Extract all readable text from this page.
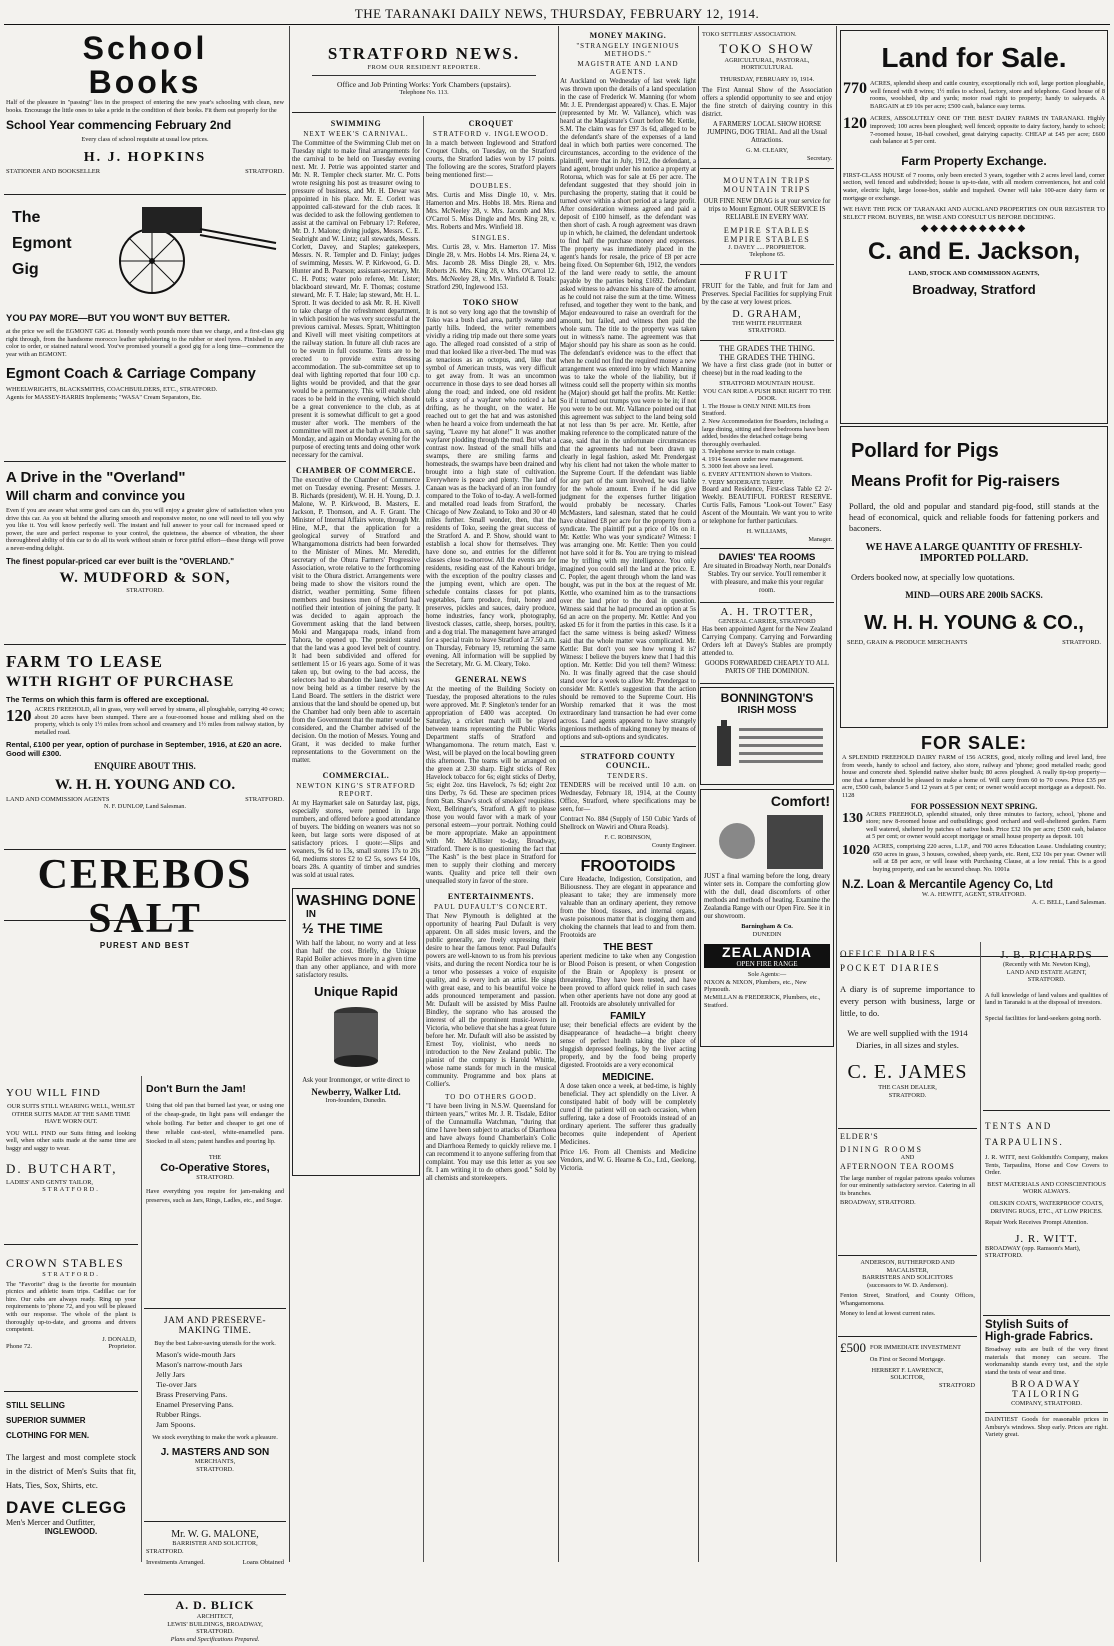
THE TARANAKI DAILY NEWS, THURSDAY, FEBRUARY 12, 1914.
School Books

Half of the pleasure in "passing" lies in the prospect of entering the new year's schooling with clean, new books. Encourage the little ones to take a pride in the condition of their books. Fit them out properly for the

School Year commencing February 2nd

Every class of school requisite at usual low prices.

H. J. HOPKINS
STATIONER AND BOOKSELLER	STRATFORD.
The
Egmont
Gig
YOU PAY MORE—BUT YOU WON'T BUY BETTER.

at the price we sell the EGMONT GIG at. Honestly worth pounds more than we charge, and a first-class gig right through, from the handsome morocco leather upholstering to the rubber or steel tyres. Finished in any color to order, or stained natural wood. You've promised yourself a good gig for a long time—commence the year with an EGMONT.

Egmont Coach & Carriage Company
WHEELWRIGHTS, BLACKSMITHS, COACHBUILDERS, ETC., STRATFORD.
Agents for MASSEY-HARRIS Implements; "WASA" Cream Separators, Etc.
A Drive in the "Overland"
Will charm and convince you

Even if you are aware what some good cars can do, you will enjoy a greater glow of satisfaction when you drive this car. As you sit behind the alluring smooth and responsive motor, no one will need to tell you why you like it. You will know perfectly well. The instant and full answer to your call for increased speed or power, the sure and perfect response to your control, the quietness, the absence of vibration, the sheer thoroughbred ability of this car to do all its work without strain or force pitiful effort—these things will prove a never-ending delight.

The finest popular-priced car ever built is the "OVERLAND."
W. MUDFORD & SON,
STRATFORD.
FARM TO LEASE
WITH RIGHT OF PURCHASE
The Terms on which this farm is offered are exceptional.
120 ACRES FREEHOLD, all in grass, very well served by streams, all ploughable, carrying 40 cows; about 20 acres have been stumped. There are a four-roomed house and milking shed on the property, which is only 1½ miles from school and creamery and 1½ miles from railway station, by metalled road.

Rental, £100 per year, option of purchase in September, 1916, at £20 an acre. Good will £300.
ENQUIRE ABOUT THIS.
W. H. H. YOUNG AND CO.
LAND AND COMMISSION AGENTS	STRATFORD.
N. F. DUNLOP, Land Salesman.
CEREBOS SALT
PUREST AND BEST
YOU WILL FIND

OUR SUITS STILL WEARING WELL, WHILST OTHER SUITS MADE AT THE SAME TIME HAVE WORN OUT.

YOU WILL FIND our Suits fitting and looking well, when other suits made at the same time are baggy and saggy to wear.

D. BUTCHART,
LADIES' AND GENTS' TAILOR,
STRATFORD.
CROWN STABLES
STRATFORD.

The "Favorite" drag is the favorite for mountain picnics and athletic team trips. Cadillac car for hire. Our cabs are always ready. Ring up your requirements to 'phone 72, and you will be pleased with our response. The whole of the plant is thoroughly up-to-date, and grooms and drivers competent.

J. DONALD,
Phone 72.	Proprietor.
STILL SELLING
SUPERIOR SUMMER
CLOTHING FOR MEN.

The largest and most complete stock in the district of Men's Suits that fit, Hats, Ties, Sox, Shirts, etc.

DAVE CLEGG
Men's Mercer and Outfitter,
INGLEWOOD.
Don't Burn the Jam!

Using that old pan that burned last year, or using one of the cheap-grade, tin light pans will endanger the whole boiling. Far better and cheaper to get one of these reliable cast-steel, white-enamelled pans. Stocked in all sizes; patent handles and pouring lip.

THE
Co-Operative Stores,
STRATFORD.

Have everything you require for jam-making and preserves, such as Jars, Rings, Ladles, etc., and Sugar.

JAM AND PRESERVE-MAKING TIME.

Buy the best Labor-saving utensils for the work.

Mason's wide-mouth Jars
Mason's narrow-mouth Jars
Jelly Jars
Tie-over Jars
Brass Preserving Pans.
Enamel Preserving Pans.
Rubber Rings.
Jam Spoons.

We stock everything to make the work a pleasure.

J. MASTERS AND SON
MERCHANTS,
STRATFORD.
Mr. W. G. MALONE,
BARRISTER AND SOLICITOR,
STRATFORD.
Investments Arranged.	Loans Obtained
A. D. BLICK
ARCHITECT,
LEWIS' BUILDINGS, BROADWAY,
STRATFORD.
Plans and Specifications Prepared.
STRATFORD NEWS.
FROM OUR RESIDENT REPORTER.
Office and Job Printing Works: York Chambers (upstairs).
Telephone No. 113.
SWIMMING
NEXT WEEK'S CARNIVAL.

The Committee of the Swimming Club met on Tuesday night to make final arrangements for the carnival to be held on Tuesday evening next. Mr. J. Petrie was appointed starter and Mr. N. R. Templer check starter. Mr. C. Potts wrote resigning his post as treasurer owing to pressure of business, and Mr. H. Dewar was appointed in his place. Mr. E. Corlett was appointed call-steward for the club races. It was decided to ask the following gentlemen to assist at the carnival on February 17: Referee, Mr. D. J. Malone; diving judges, Messrs. C. E. Seabright and W. Lintz; call stewards, Messrs. Corlett, Davey, and Staples; gatekeepers, Messrs. N. R. Templer and D. Finlay; judges of swimming, Messrs. W. P. Kirkwood, G. D. Hunter and B. Pearson; assistant-secretary, Mr. C. H. Potts; water polo referee, Mr. Lister; blackboard steward, Mr. F. Thomas; costume steward, Mr. F. T. Hale; lap steward, Mr. H. L. Sprott. It was decided to ask Mr. R. H. Kivell to take charge of the refreshment department, in which position he was very successful at the previous carnival. Messrs. Spratt, Whittington and Kivell will meet visiting competitors at the railway station. In future all club races are to be swum in full costume. Tents are to be erected to provide extra dressing accommodation. The sub-committee set up to deal with lighting reported that four 100 c.p. lights would be provided, and that the gear would be a permanency. This will enable club races to be held in the evening, which should be a great convenience to the club, as at present it is somewhat difficult to get a good muster after work. The members of the committee will meet at the bath at 6.30 a.m. on Monday, and again on Monday evening for the purpose of erecting tents and doing other work necessary for the carnival.

CHAMBER OF COMMERCE.

The executive of the Chamber of Commerce met on Tuesday evening. Present: Messrs. J. B. Richards (president), W. H. H. Young, D. J. Malone, W. P. Kirkwood, B. Masters, E. Jackson, P. Thomson, and A. F. Grant. The Minister of Internal Affairs wrote, through Mr. Hine, M.P., that the application for a geological survey of Stratford and Whangamomona districts had been forwarded to the Minister of Mines. Mr. Meredith, secretary of the Ohura Farmers' Progressive Association, wrote relative to the forthcoming visit to the Ohura district. Arrangements were being made to show the visitors round the district, weather permitting. Some fifteen members and business men of Stratford had notified their intention of joining the party. It was decided to again approach the Government asking that the land between Moki and Mangapapa roads, inland from Tahora, be opened up. The president stated that the land was a good level belt of country. It had been subdivided and offered for settlement 15 or 16 years ago. Some of it was taken up, but owing to the bad access, the selectors had to abandon the land, which was now being held as a timber reserve by the Land Board. The settlers in the district were anxious that the land should be opened up, but the Chamber had only been able to ascertain from the Government that the matter would be considered, and the Chamber advised of the decision. On the motion of Messrs. Young and Grant, it was decided to make further representations to the Government on the matter.

COMMERCIAL.
NEWTON KING'S STRATFORD REPORT.

At my Haymarket sale on Saturday last, pigs, especially stores, were penned in large numbers, and offered before a good attendance of buyers. The bidding on weaners was not so keen, but large sorts were disposed of at satisfactory prices. I quote:—Slips and weaners, 9s 6d to 13s, small stores 17s to 20s 6d, mediums stores £2 to £2 5s, sows £4 10s, boars 28s. A quantity of timber and sundries was sold at usual rates.

WASHING DONE
IN
½ THE TIME

With half the labour, no worry and at less than half the cost. Briefly, the Unique Rapid Boiler achieves more in a given time than any other appliance, and with more satisfactory results.

Unique Rapid

Ask your Ironmonger, or write direct to

Newberry, Walker Ltd.
Iron-founders, Dunedin.
CROQUET
STRATFORD v. INGLEWOOD.

In a match between Inglewood and Stratford Croquet Clubs, on Tuesday, on the Stratford courts, the Stratford ladies won by 17 points. The following are the scores, Stratford players being mentioned first:—

DOUBLES.

Mrs. Curtis and Miss Dingle 10, v. Mrs. Hamerton and Mrs. Hobbs 18. Mrs. Riena and Mrs. McNeeley 28, v. Mrs. Jacomb and Mrs. O'Carrol 5. Miss Dingle and Mrs. King 28, v. Mrs. Roberts and Mrs. Winfield 18.

SINGLES.

Mrs. Curtis 28, v. Mrs. Hamerton 17. Miss Dingle 28, v. Mrs. Hobbs 14. Mrs. Riena 24, v. Mrs. Jacomb 28. Miss Dingle 28, v. Mrs. Roberts 26. Mrs. King 28, v. Mrs. O'Carrol 12. Mrs. McNeeley 28, v. Mrs. Winfield 8. Totals: Stratford 290, Inglewood 153.

TOKO SHOW

It is not so very long ago that the township of Toko was a bush clad area, partly swamp and partly hills. Indeed, the writer remembers vividly a riding trip made out there some years ago. The alleged road consisted of a strip of mud that looked like a river-bed. The mud was as tenacious as an octopus, and, like that symbol of American trusts, was very difficult to get away from. It was an uncommon occurrence in those days to see dead horses all along the road; and indeed, one old resident tells a story of a wayfarer who noticed a hat drifting, as he thought, on the water. He reached out to get the hat and was astonished when he heard a voice from underneath the hat saying, "Leave my hat alone!" It was another wayfarer plodding through the mud. But what a contrast now. Instead of the small hills and swamps, there are smiling farms and homesteads, the swamps have been drained and brought into a high state of cultivation. Everywhere is peace and plenty. The land of Canaan was as the backyard of an iron foundry compared to the Toko of to-day. A well-formed and metalled road leads from Stratford, the Chicago of New Zealand, to Toko and 30 or 40 miles further. Small wonder, then, that the residents of Toko, seeing the great success of the Stratford A. and P. Show, should want to establish a local show for themselves. They have done so, and entries for the different classes close to-morrow. All the events are for residents, residing east of the Kahouri bridge, with the exception of the poultry classes and the jumping event, which are open. The schedule contains classes for pot plants, vegetables, farm produce, fruit, honey and preserves, pickles and sauces, dairy produce, home industries, fancy work, photography, livestock classes, cattle, sheep, horses, poultry, and a dog trial. The management have arranged for a special train to leave Stratford at 7.50 a.m. on Thursday, February 19, returning the same evening. All information will be supplied by the Secretary, Mr. G. M. Cleary, Toko.

GENERAL NEWS

At the meeting of the Building Society on Tuesday, the proposed alterations to the rules were approved. Mr. P. Singleton's tender for an appropriation of £400 was accepted. On Saturday, a cricket match will be played between teams representing the Public Works Department staffs of Stratford and Whangamomona. The return match, East v. West, will be played on the local bowling green this afternoon. The teams will be arranged on the green at 2.30 sharp. Eight sticks of Rex Havelock tobacco for 6s; eight sticks of Derby, 5s; eight 2oz. tins Havelock, 7s 6d; eight 2oz tins Derby, 7s 6d. These are specimen prices from Stan. Shaw's stock of smokers' requisites. Next, Bellringer's, Stratford. A gift to please those you would favor with a mark of your personal esteem—your portrait. Nothing could be more appropriate. Make an appointment with Mr. McAllister to-day, Broadway, Stratford. There is no questioning the fact that "The Kash" is the best place in Stratford for men to supply their clothing and mercery wants. Quality and price tell their own unequalled story in favor of the store.

ENTERTAINMENTS.
PAUL DUFAULT'S CONCERT.

That New Plymouth is delighted at the opportunity of hearing Paul Dufault is very apparent. On all sides music lovers, and the public generally, are freely expressing their desire to hear the famous tenor. Paul Dufault's powers are well-known to us from his previous visits, and during the recent Nordica tour he is a tenor who possesses a voice of exquisite quality, and is every inch an artist. He sings with great ease, and to his beautiful voice he adds pronounced temperament and passion. Mr. Dufault will be assisted by Miss Paulne Bindley, the soprano who has aroused the interest of all the prominent music-lovers in Victoria, who believe that she has a great future before her. Mr. Dufault will also be assisted by Ernest Toy, violinist, who needs no introduction to the New Zealand public. The pianist of the company is Harold Whittle, whose name stands for much in the musical community. Programme and box plans at Collier's.

TO DO OTHERS GOOD.

"I have been living in N.S.W. Queensland for thirteen years," writes Mr. J. R. Tisdale, Editor of the Cunnamulla Watchman, "during that time I have been subject to attacks of Diarrhoea and have always found Chamberlain's Colic and Diarrhoea Remedy to quickly relieve me. I can recommend it to anyone suffering from that complaint. You may use this letter as you see fit. I am writing it to do others good." Sold by all chemists and storekeepers.

MONEY MAKING.
"STRANGELY INGENIOUS METHODS."
MAGISTRATE AND LAND AGENTS.

At Auckland on Wednesday of last week light was thrown upon the details of a land speculation in the case of Frederick W. Manning (for whom Mr. J. E. Prendergast appeared) v. Chas. E. Major (represented by Mr. W. Vallance), which was heard at the Magistrate's Court before Mr. Kettle, S.M. The claim was for £97 3s 6d, alleged to be the defendant's share of the expenses of a land deal in which both parties were concerned. The circumstances, according to the evidence of the plaintiff, were that in July, 1912, the defendant, a land agent, brought under his notice a property at Rotorua, which was for sale at £6 per acre. The defendant suggested that they should join in purchasing the property, stating that it could be turned over within a short period at a large profit. After consideration witness agreed and paid a deposit of £100 himself, as the defendant was then short of cash. A rough agreement was drawn up in which, he claimed, the defendant undertook to find half the purchase money and expenses. The property was immediately placed in the agent's hands for resale, the price of £8 per acre being fixed. On September 6th, 1912, the vendors of the land were ready to settle, the amount payable by the parties being £1692. Defendant asked witness to advance his share of the amount, as he could not raise the sum at the time. Witness refused, and together they went to the bank, and Major endeavoured to raise an overdraft for the amount, but failed, and witness then paid the whole sum. The title to the property was taken out in witness's name. The agreement was that Major should pay his share as soon as he could. The defendant's evidence was to the effect that when he could not find the required money a new arrangement was entered into by which Manning was to take the whole of the liability, but if witness could sell the property within six months he (Major) should get half the profits. Mr. Kettle: So if it turned out trumps you were to be in; if not you were to be out. Mr. Vallance pointed out that this agreement was subject to the land being sold at not less than 9s per acre. Mr. Kettle, after making reference to the complicated nature of the case, said that in the unfortunate circumstances that the agreements had not been drawn up clearly in legal fashion, asked Mr. Prendergast why his client had not taken the whole matter to the Supreme Court. If the defendant was liable for any part of the sum involved, he was liable for the whole amount. Even if he did give judgment for the expenses further litigation would probably be necessary. Charles McMasters, land salesman, stated that he could have obtained £8 per acre for the property from a syndicate. The plaintiff put a price of 10s on it. Mr. Kettle: Who was your syndicate? Witness: I was arranging one. Mr. Kettle: Then you could not have sold it for 8s. You are trying to mislead me by trifling with my intelligence. You only imagined you could sell the land at the price. E. C. Popler, the agent through whom the land was bought, was put in the box at the request of Mr. Kettle, who examined him as to the transactions over the land prior to the deal in question. Witness said that he had procured an option at 5s 6d an acre on the property. Mr. Kettle: And you asked £6 for it from the parties in this case. Is it a fact the same witness is being asked? Witness said that the whole matter was complicated. Mr. Kettle: But don't you see how wrong it is? Witness: I believe the buyers knew that I had this option. Mr. Kettle: Did you tell them? Witness: No. It was finally agreed that the case should stand over for a week to allow Mr. Prendergast to consider Mr. Kettle's suggestion that the action should be removed to the Supreme Court. His Worship remarked that it was the most extraordinary land transaction he had ever come across. Land agents appeared to have strangely ingenious methods of making money by means of options and sub-options and syndicates.

STRATFORD COUNTY COUNCIL.
TENDERS.

TENDERS will be received until 10 a.m. on Wednesday, February 18, 1914, at the County Office, Stratford, where specifications may be seen, for—

Contract No. 884 (Supply of 150 Cubic Yards of Shellrock on Wawiri and Ohura Roads).

F. C. ROBINSON,
County Engineer.
FROOTOIDS

Cure Headache, Indigestion, Constipation, and Biliousness. They are elegant in appearance and pleasant to take; they are immensely more valuable than an ordinary aperient, they remove from the blood, tissues, and internal organs, waste poisonous matter that is clogging them and choking the channels that lead to and from them. Frootoids are

THE BEST

aperient medicine to take when any Congestion or Blood Poison is present, or when Congestion of the Brain or Apoplexy is present or threatening. They have been tested, and have been proved to afford quick relief in such cases when other aperients have not done any good at all. Frootoids are absolutely unrivalled for

FAMILY

use; their beneficial effects are evident by the disappearance of headache—a bright cheery sense of perfect health taking the place of sluggish depressed feelings, by the liver acting properly, and by the food being properly digested. Frootoids are a very economical

MEDICINE.

A dose taken once a week, at bed-time, is highly beneficial. They act splendidly on the Liver. A constipated habit of body will be completely cured if the patient will on each occasion, when suffering, take a dose of Frootoids instead of an ordinary aperient. The sufferer thus gradually becomes quite independent of Aperient Medicines.

Price 1/6. From all Chemists and Medicine Vendors, and W. G. Hearne & Co., Ltd., Geelong, Victoria.

TOKO SETTLERS' ASSOCIATION.
TOKO SHOW
AGRICULTURAL, PASTORAL, HORTICULTURAL
THURSDAY, FEBRUARY 19, 1914.

The First Annual Show of the Association offers a splendid opportunity to see and enjoy the fine stretch of dairying country in this district.

A FARMERS' LOCAL SHOW HORSE JUMPING, DOG TRIAL. And all the Usual Attractions.

G. M. CLEARY,
Secretary.
MOUNTAIN TRIPS
MOUNTAIN TRIPS

OUR FINE NEW DRAG is at your service for trips to Mount Egmont. OUR SERVICE IS RELIABLE IN EVERY WAY.

EMPIRE STABLES
EMPIRE STABLES
J. DAVEY ..... PROPRIETOR.
Telephone 65.
FRUIT

FRUIT for the Table, and fruit for Jam and Preserves. Special Facilities for supplying Fruit by the case at very lowest prices.

D. GRAHAM,
THE WHITE FRUITERER
STRATFORD.
THE GRADES THE THING.
THE GRADES THE THING.

We have a first class grade (not in butter or cheese) but in the road leading to the

STRATFORD MOUNTAIN HOUSE.
YOU CAN RIDE A PUSH BIKE RIGHT TO THE DOOR.
1. The House is ONLY NINE MILES from Stratford.
2. New Accommodation for Boarders, including a large dining, sitting and three bedrooms have been added, besides the detached cottage being thoroughly overhauled.
3. Telephone service to main cottage.
4. 1914 Season under new management.
5. 3000 feet above sea level.
6. EVERY ATTENTION shown to Visitors.
7. VERY MODERATE TARIFF.

Board and Residence, First-class Table £2 2/- Weekly. BEAUTIFUL FOREST RESERVE. Curtis Falls, Famous "Look-out Tower." Easy Ascent of the Mountain. We want you to write or telephone for further particulars.

H. WILLIAMS,
Manager.
DAVIES' TEA ROOMS

Are situated in Broadway North, near Donald's Stables. Try our service. You'll remember it with pleasure, and make this your regular room.

A. H. TROTTER,
GENERAL CARRIER, STRATFORD

Has been appointed Agent for the New Zealand Carrying Company. Carrying and Forwarding Orders left at Davey's Stables are promptly attended to.

GOODS FORWARDED CHEAPLY TO ALL PARTS OF THE DOMINION.

BONNINGTON'S
IRISH MOSS
Comfort!

JUST a final warning before the long, dreary winter sets in. Compare the comforting glow with the dull, dead discomforts of other methods and methods of heating. Examine the Zealandia Range with our Open Fire. See it in our showroom.

Barningham & Co.
DUNEDIN
ZEALANDIA
OPEN FIRE RANGE
Sole Agents:—
NIXON & NIXON, Plumbers, etc., New Plymouth.
McMILLAN & FREDERICK, Plumbers, etc., Stratford.
Land for Sale.
770 ACRES, splendid sheep and cattle country, exceptionally rich soil, large portion ploughable, well fenced with 8 wires; 1½ miles to school, factory, store and telephone. Good house of 8 rooms, woolshed, dip and yards; motor road right to property; handy to saleyards. A BARGAIN at £9 10s per acre; £500 cash, balance easy terms.

120 ACRES, ABSOLUTELY ONE OF THE BEST DAIRY FARMS IN TARANAKI. Highly improved; 100 acres been ploughed; well fenced; opposite to dairy factory, handy to school; 7-roomed house, 18-bail cowshed, great dairying capacity. CHEAP at £45 per acre; £600 cash balance at 5 per cent.

Farm Property Exchange.

FIRST-CLASS HOUSE of 7 rooms, only been erected 3 years, together with 2 acres level land, corner section, well fenced and subdivided; house is up-to-date, with all modern conveniences, hot and cold water, electric light, large loose-box, stable and trapshed. Owner will take 100-acre dairy farm or mortgage or exchange.

WE HAVE THE PICK OF TARANAKI AND AUCKLAND PROPERTIES ON OUR REGISTER TO SELECT FROM. BUYERS, BE WISE AND CONSULT US BEFORE DECIDING.

◆◆◆◆◆◆◆◆◆◆◆
C. and E. Jackson,
LAND, STOCK AND COMMISSION AGENTS,
Broadway, Stratford
Pollard for Pigs
Means Profit for Pig-raisers

Pollard, the old and popular and standard pig-food, still stands at the head of economical, quick and reliable foods for fattening porkers and baconers.

WE HAVE A LARGE QUANTITY OF FRESHLY-IMPORTED POLLARD.
Orders booked now, at specially low quotations.
MIND—OURS ARE 200lb SACKS.
W. H. H. YOUNG & CO.,
SEED, GRAIN & PRODUCE MERCHANTS	STRATFORD.
FOR SALE:

A SPLENDID FREEHOLD DAIRY FARM of 156 ACRES, good, nicely rolling and level land, free from weeds, handy to school and factory, also store, railway and 'phone; good metalled roads; good house and concrete shed. Splendid native shelter bush; 80 acres ploughed. A really tip-top property—one that a farmer should be pleased to make a home of. Will carry from 60 to 70 cows. Price £35 per acre, £500 cash, balance 5 and 12 years at 5 per cent; or owner would accept mortgage as a deposit. No. 1128

FOR POSSESSION NEXT SPRING.
130 ACRES FREEHOLD, splendid situated, only three minutes to factory, school, 'phone and store; new 8-roomed house and outbuildings; good orchard and well-sheltered garden. Farm well watered, sheltered by patches of native bush. Price £32 10s per acre; £500 cash, balance at 5 per cent; or owner would accept mortgage or small house property as deposit. 101

1020 ACRES, comprising 220 acres, L.I.P., and 700 acres Education Lease. Undulating country; 650 acres in grass, 3 houses, cowshed, sheep yards, etc. Rent, £32 10s per year. Owner will sell at £8 per acre, or will lease with Purchasing Clause, at a low rental. This is a good buying property, and can be secured cheap. No. 1001a

N.Z. Loan & Mercantile Agency Co, Ltd
W. A. HEWITT, AGENT, STRATFORD.
A. C. BELL, Land Salesman.
OFFICE DIARIES
POCKET DIARIES

A diary is of supreme importance to every person with business, large or little, to do.

We are well supplied with the 1914 Diaries, in all sizes and styles.

C. E. JAMES
THE CASH DEALER,
STRATFORD.
ELDER'S
DINING ROOMS
AND
AFTERNOON TEA ROOMS

The large number of regular patrons speaks volumes for our eminently satisfactory service. Catering in all its branches.

BROADWAY, STRATFORD.
ANDERSON, RUTHERFORD AND MACALISTER,
BARRISTERS AND SOLICITORS
(successors to W. D. Anderson).

Fenton Street, Stratford, and County Offices, Whangamomona.

Money to lend at lowest current rates.
£500 FOR IMMEDIATE INVESTMENT
On First or Second Mortgage.
HERBERT F. LAWRENCE,
SOLICITOR,
STRATFORD
J. B. RICHARDS
(Recently with Mr. Newton King),
LAND AND ESTATE AGENT,
STRATFORD.

A full knowledge of land values and qualities of land in Taranaki is at the disposal of investors.

Special facilities for land-seekers going north.

TENTS AND TARPAULINS.

J. R. WITT, next Goldsmith's Company, makes Tents, Tarpaulins, Horse and Cow Covers to Order.

BEST MATERIALS AND CONSCIENTIOUS WORK ALWAYS.

OILSKIN COATS, WATERPROOF COATS, DRIVING RUGS, ETC., AT LOW PRICES.

Repair Work Receives Prompt Attention.

J. R. WITT.
BROADWAY (opp. Ramsom's Mart), STRATFORD.
Stylish Suits of
High-grade Fabrics.

Broadway suits are built of the very finest materials that money can secure. The workmanship stands every test, and the style stand the tests of wear and time.

BROADWAY TAILORING
COMPANY, STRATFORD.

DAINTIEST Goods for reasonable prices in Ambury's windows. Shop early. Prices are right. Variety great.
